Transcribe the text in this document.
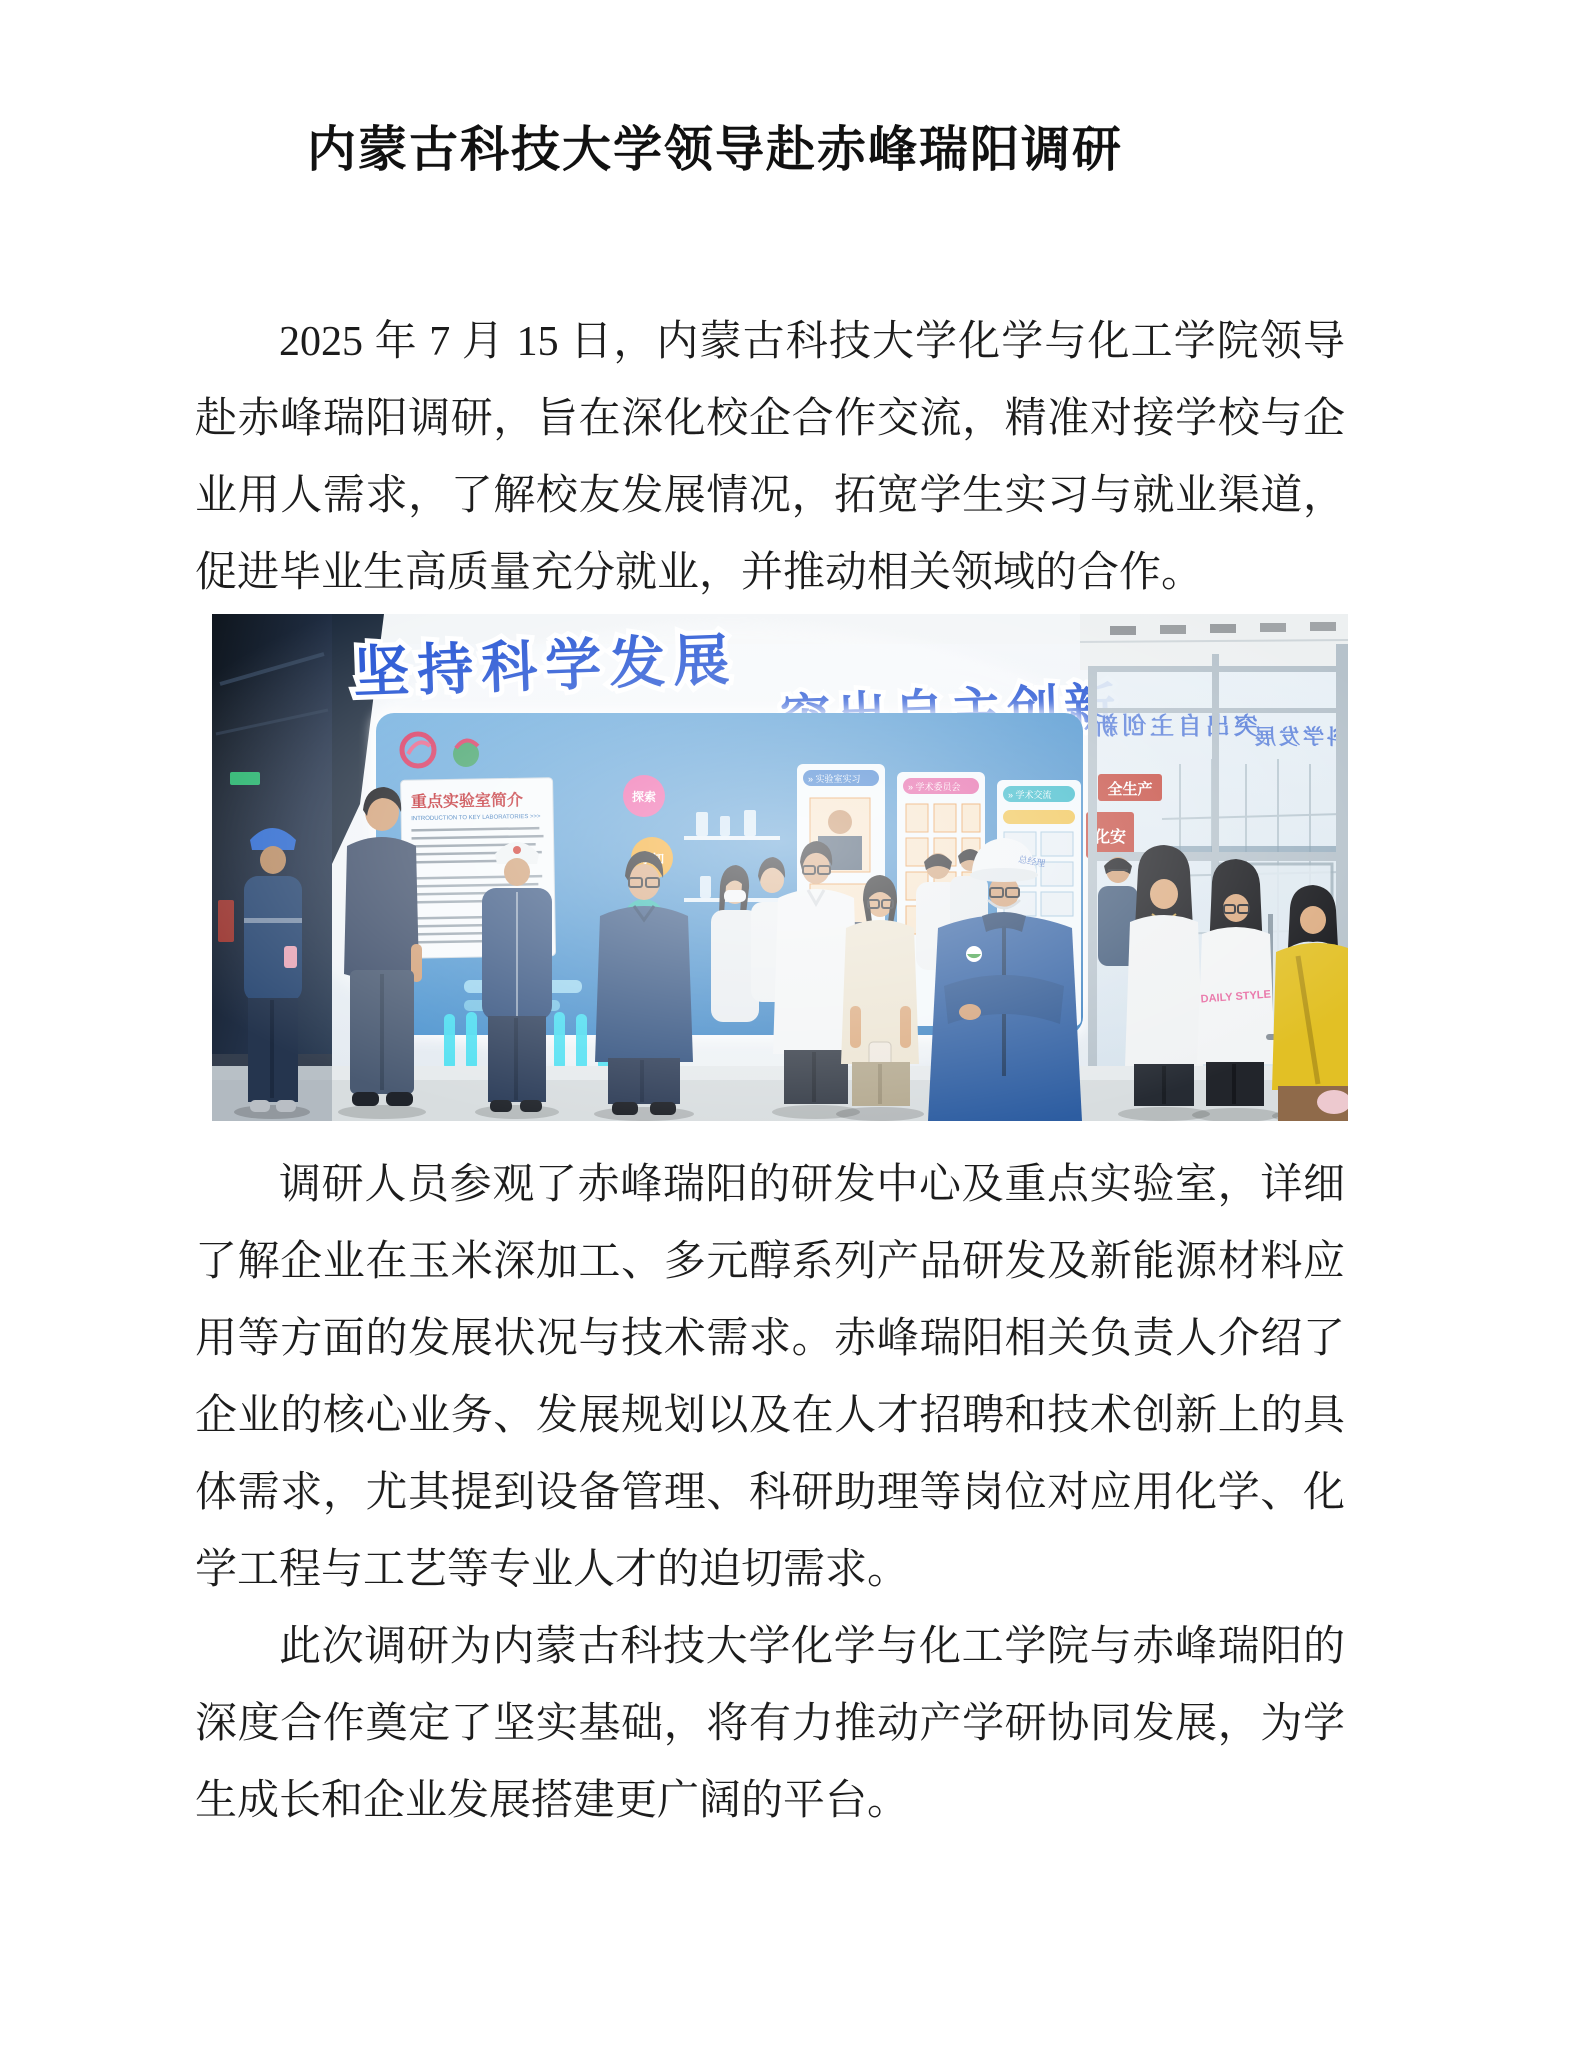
内蒙古科技大学领导赴赤峰瑞阳调研

2025 年 7 月 15 日，内蒙古科技大学化学与化工学院领导赴赤峰瑞阳调研，旨在深化校企合作交流，精准对接学校与企业用人需求，了解校友发展情况，拓宽学生实习与就业渠道，促进毕业生高质量充分就业，并推动相关领域的合作。

调研人员参观了赤峰瑞阳的研发中心及重点实验室，详细了解企业在玉米深加工、多元醇系列产品研发及新能源材料应用等方面的发展状况与技术需求。赤峰瑞阳相关负责人介绍了企业的核心业务、发展规划以及在人才招聘和技术创新上的具体需求，尤其提到设备管理、科研助理等岗位对应用化学、化学工程与工艺等专业人才的迫切需求。

此次调研为内蒙古科技大学化学与化工学院与赤峰瑞阳的深度合作奠定了坚实基础，将有力推动产学研协同发展，为学生成长和企业发展搭建更广阔的平台。
